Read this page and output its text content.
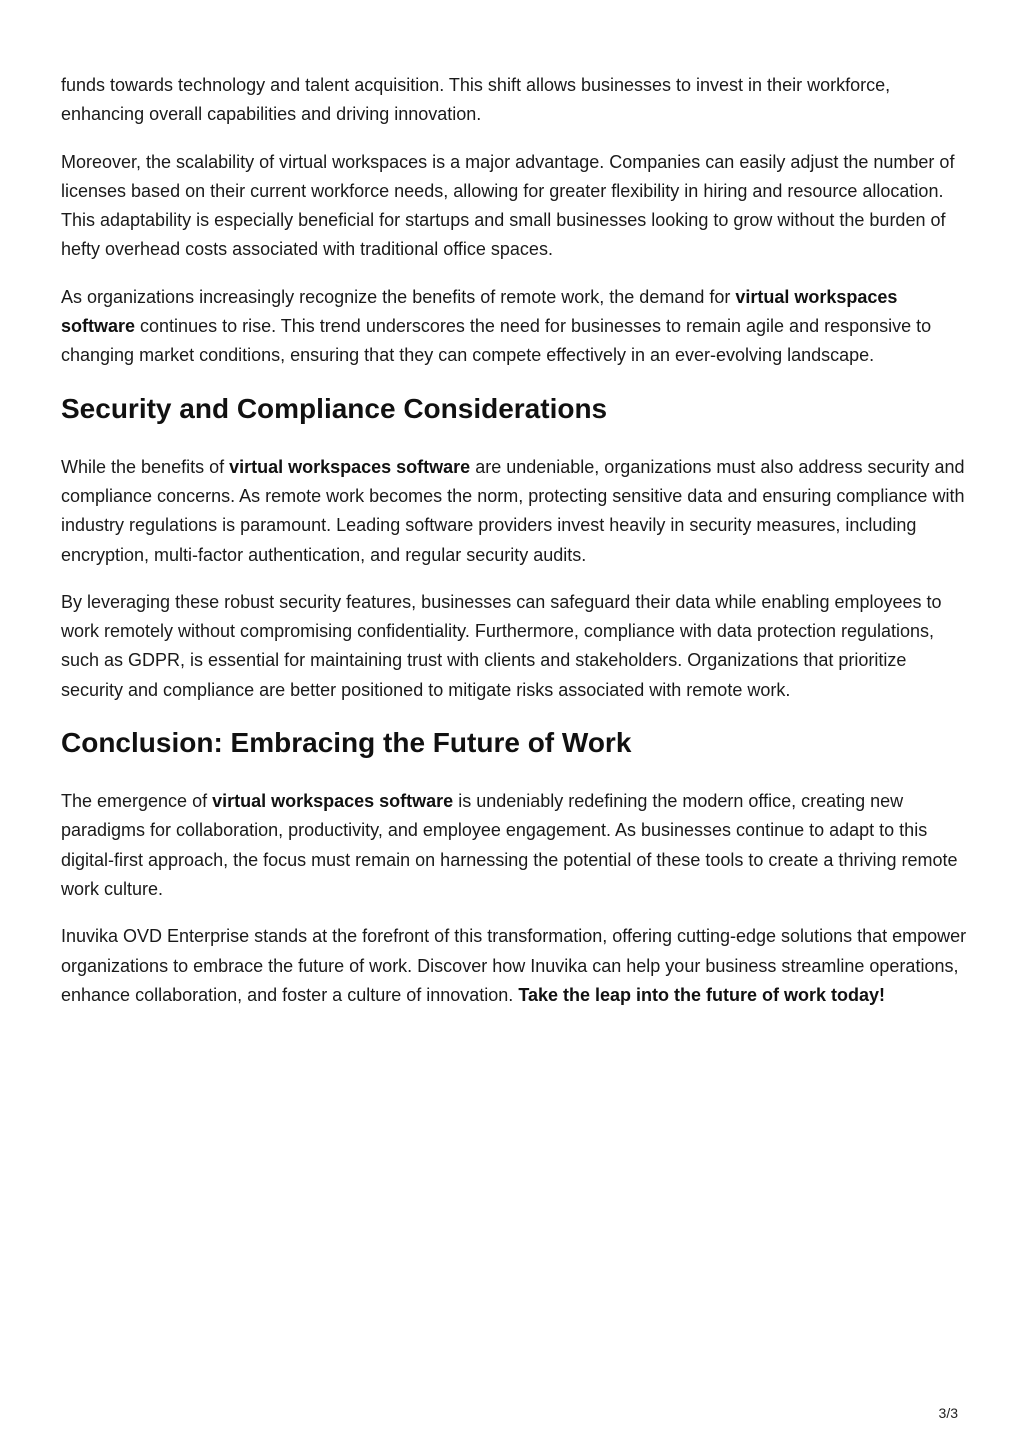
funds towards technology and talent acquisition. This shift allows businesses to invest in their workforce, enhancing overall capabilities and driving innovation.

Moreover, the scalability of virtual workspaces is a major advantage. Companies can easily adjust the number of licenses based on their current workforce needs, allowing for greater flexibility in hiring and resource allocation. This adaptability is especially beneficial for startups and small businesses looking to grow without the burden of hefty overhead costs associated with traditional office spaces.

As organizations increasingly recognize the benefits of remote work, the demand for virtual workspaces software continues to rise. This trend underscores the need for businesses to remain agile and responsive to changing market conditions, ensuring that they can compete effectively in an ever-evolving landscape.

Security and Compliance Considerations

While the benefits of virtual workspaces software are undeniable, organizations must also address security and compliance concerns. As remote work becomes the norm, protecting sensitive data and ensuring compliance with industry regulations is paramount. Leading software providers invest heavily in security measures, including encryption, multi-factor authentication, and regular security audits.

By leveraging these robust security features, businesses can safeguard their data while enabling employees to work remotely without compromising confidentiality. Furthermore, compliance with data protection regulations, such as GDPR, is essential for maintaining trust with clients and stakeholders. Organizations that prioritize security and compliance are better positioned to mitigate risks associated with remote work.

Conclusion: Embracing the Future of Work

The emergence of virtual workspaces software is undeniably redefining the modern office, creating new paradigms for collaboration, productivity, and employee engagement. As businesses continue to adapt to this digital-first approach, the focus must remain on harnessing the potential of these tools to create a thriving remote work culture.

Inuvika OVD Enterprise stands at the forefront of this transformation, offering cutting-edge solutions that empower organizations to embrace the future of work. Discover how Inuvika can help your business streamline operations, enhance collaboration, and foster a culture of innovation. Take the leap into the future of work today!

3/3
